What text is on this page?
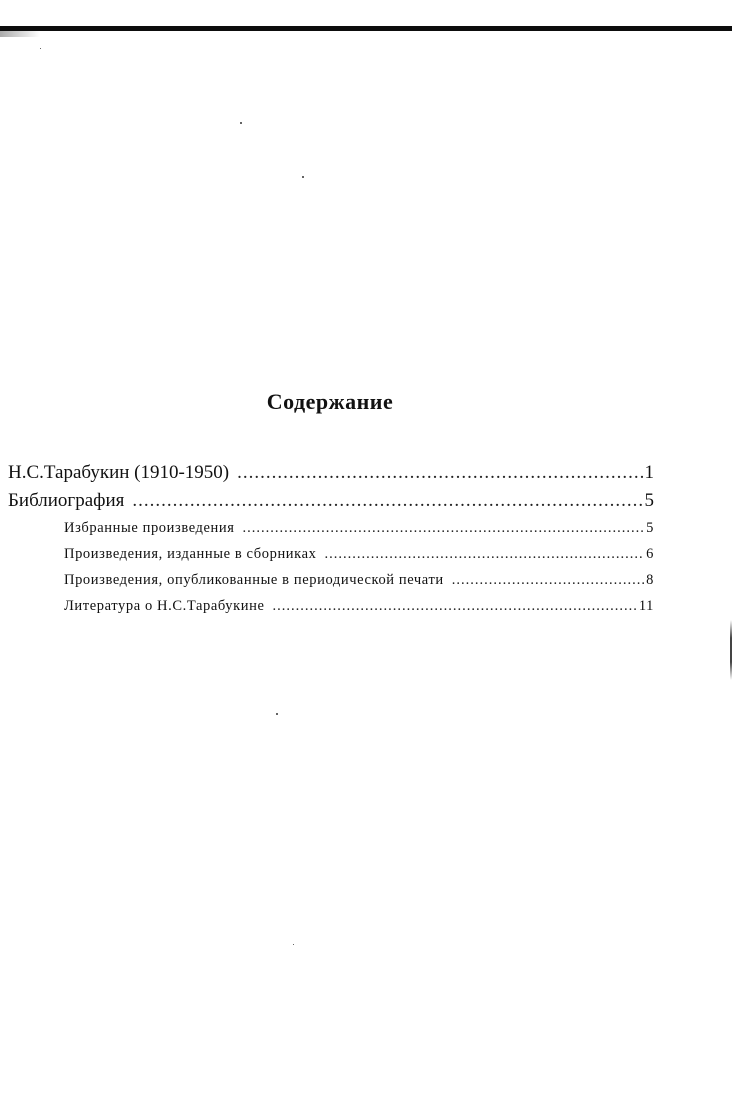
Содержание
Н.С.Тарабукин (1910-1950) .....	1
Библиография .....	5
Избранные произведения .....	5
Произведения, изданные в сборниках .....	6
Произведения, опубликованные в периодической печати .....	8
Литература о Н.С.Тарабукине .....	11
